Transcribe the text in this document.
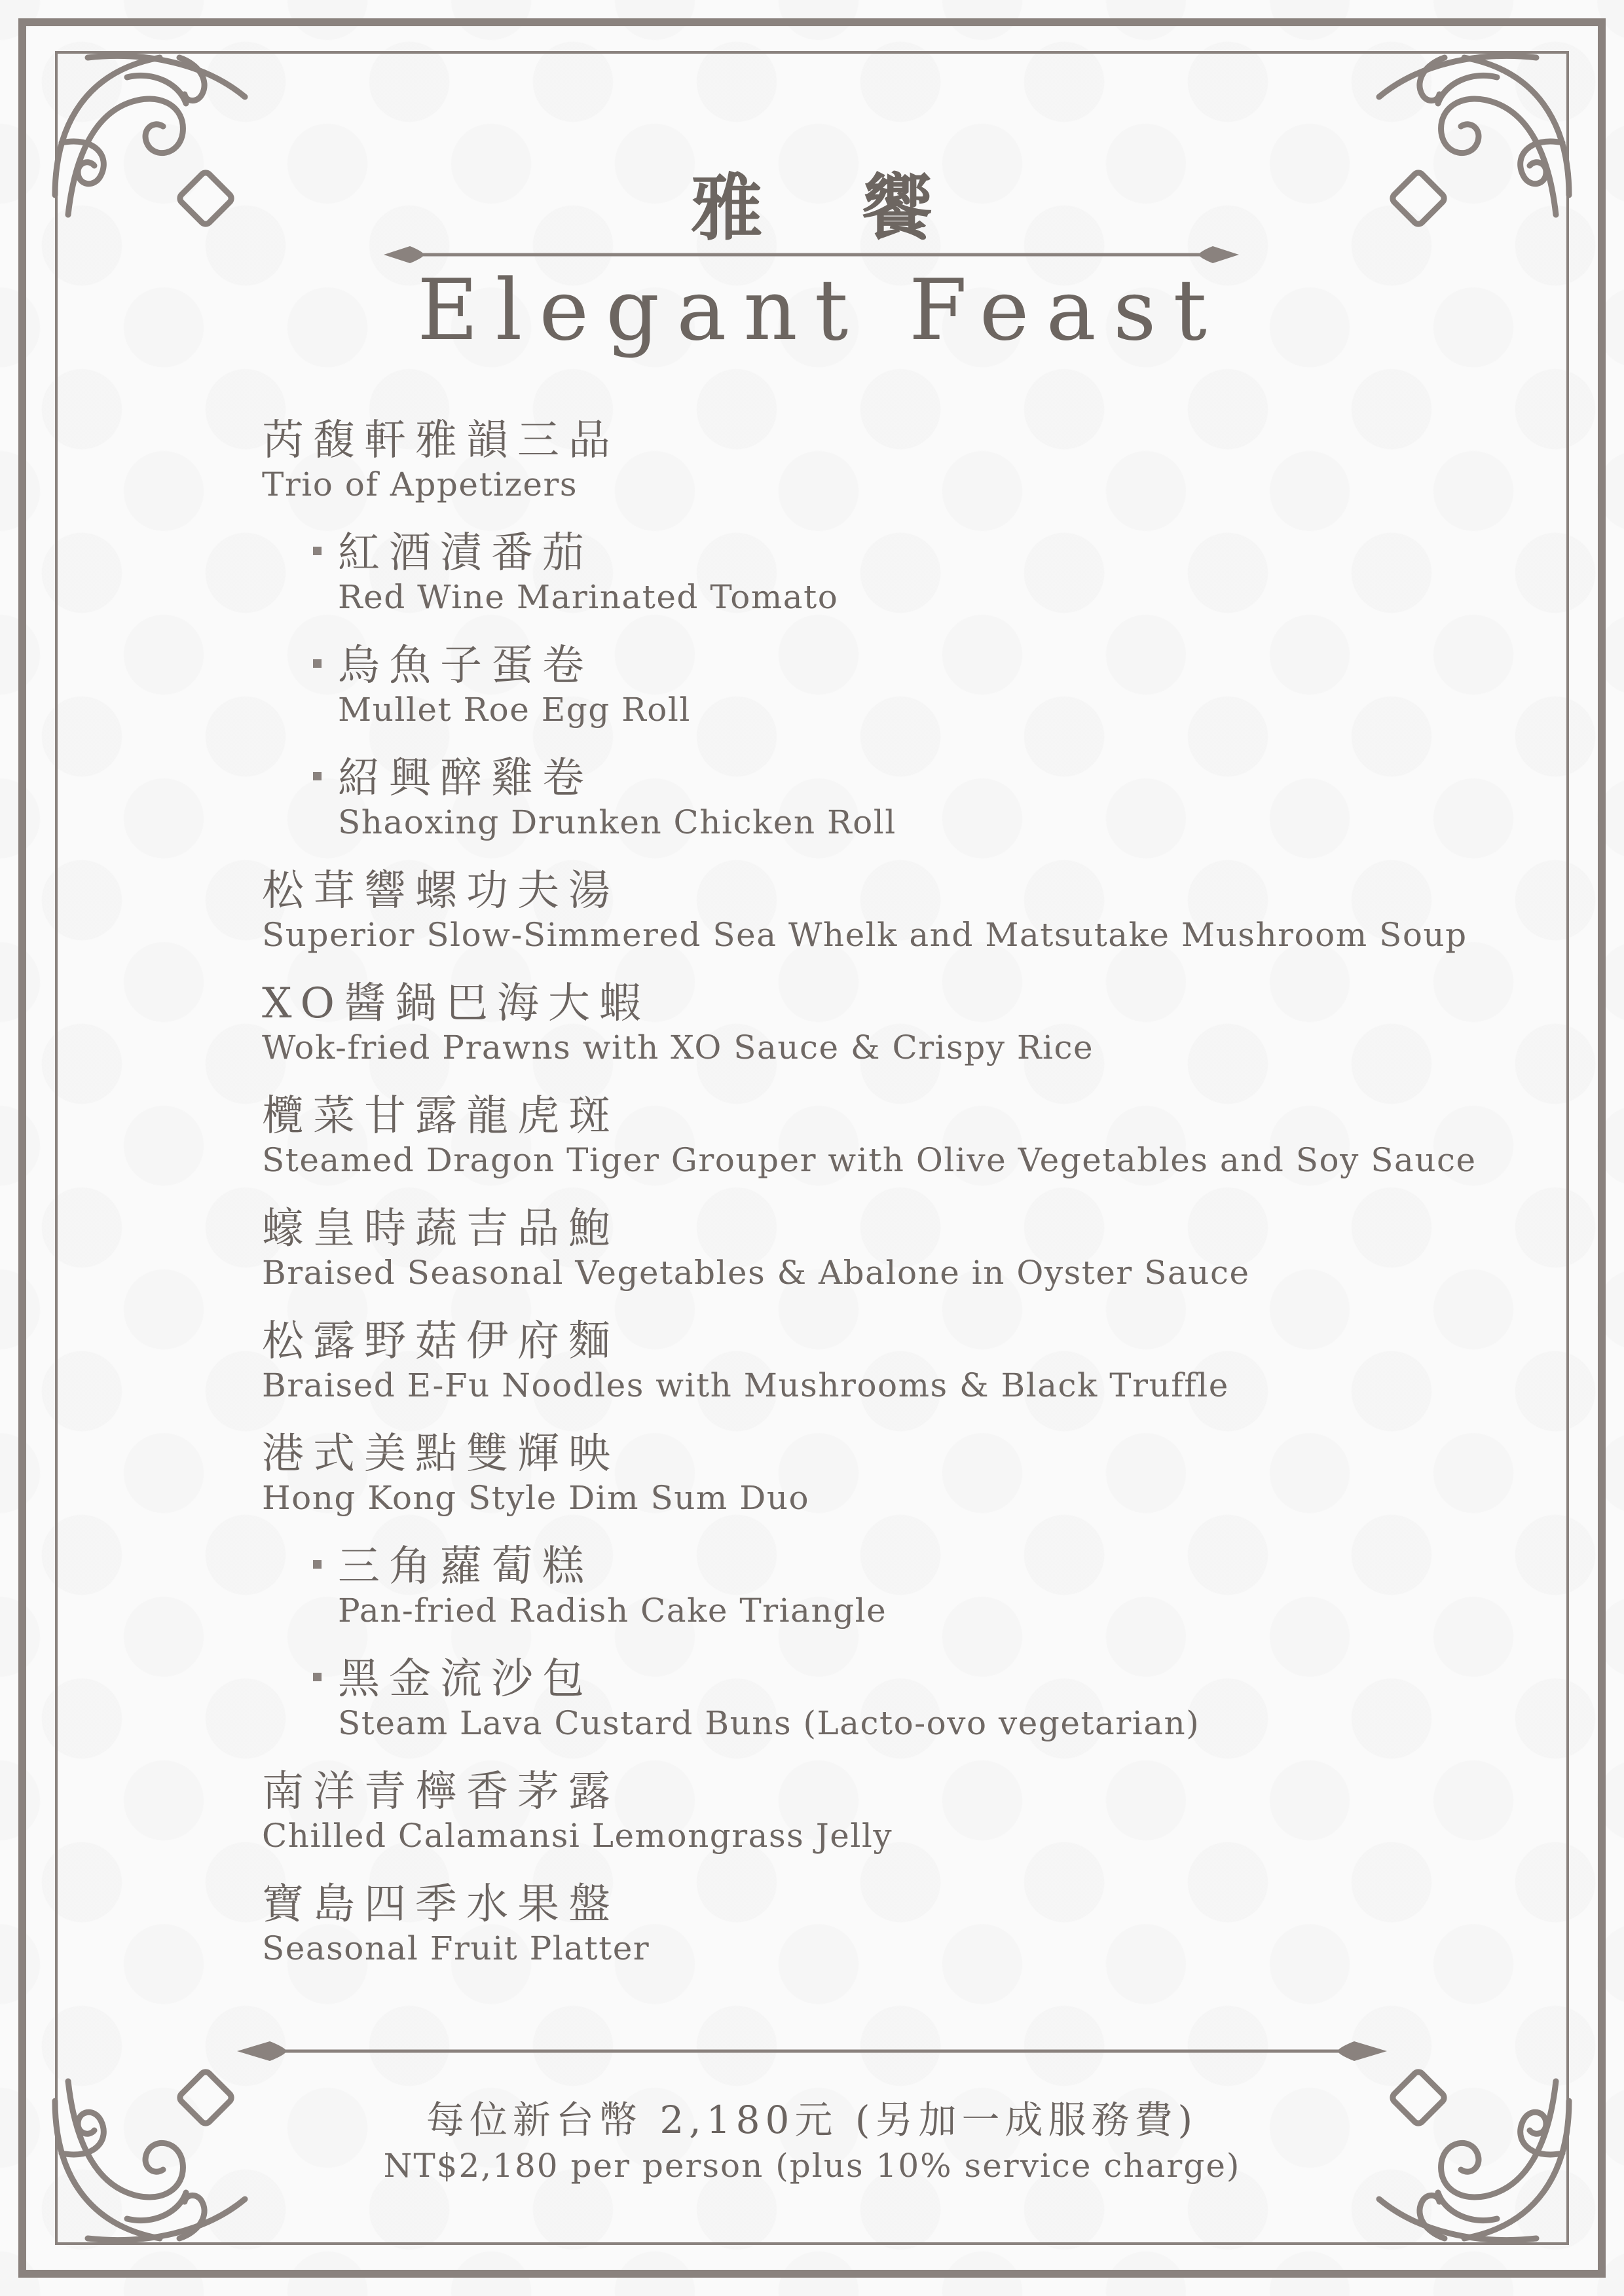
雅 饗
Elegant Feast
芮馥軒雅韻三品
Trio of Appetizers
紅酒漬番茄
Red Wine Marinated Tomato
烏魚子蛋卷
Mullet Roe Egg Roll
紹興醉雞卷
Shaoxing Drunken Chicken Roll
松茸響螺功夫湯
Superior Slow-Simmered Sea Whelk and Matsutake Mushroom Soup
XO醬鍋巴海大蝦
Wok-fried Prawns with XO Sauce & Crispy Rice
欖菜甘露龍虎斑
Steamed Dragon Tiger Grouper with Olive Vegetables and Soy Sauce
蠔皇時蔬吉品鮑
Braised Seasonal Vegetables & Abalone in Oyster Sauce
松露野菇伊府麵
Braised E-Fu Noodles with Mushrooms & Black Truffle
港式美點雙輝映
Hong Kong Style Dim Sum Duo
三角蘿蔔糕
Pan-fried Radish Cake Triangle
黑金流沙包
Steam Lava Custard Buns (Lacto-ovo vegetarian)
南洋青檸香茅露
Chilled Calamansi Lemongrass Jelly
寶島四季水果盤
Seasonal Fruit Platter
每位新台幣 2,180元 (另加一成服務費)
NT$2,180 per person (plus 10% service charge)
